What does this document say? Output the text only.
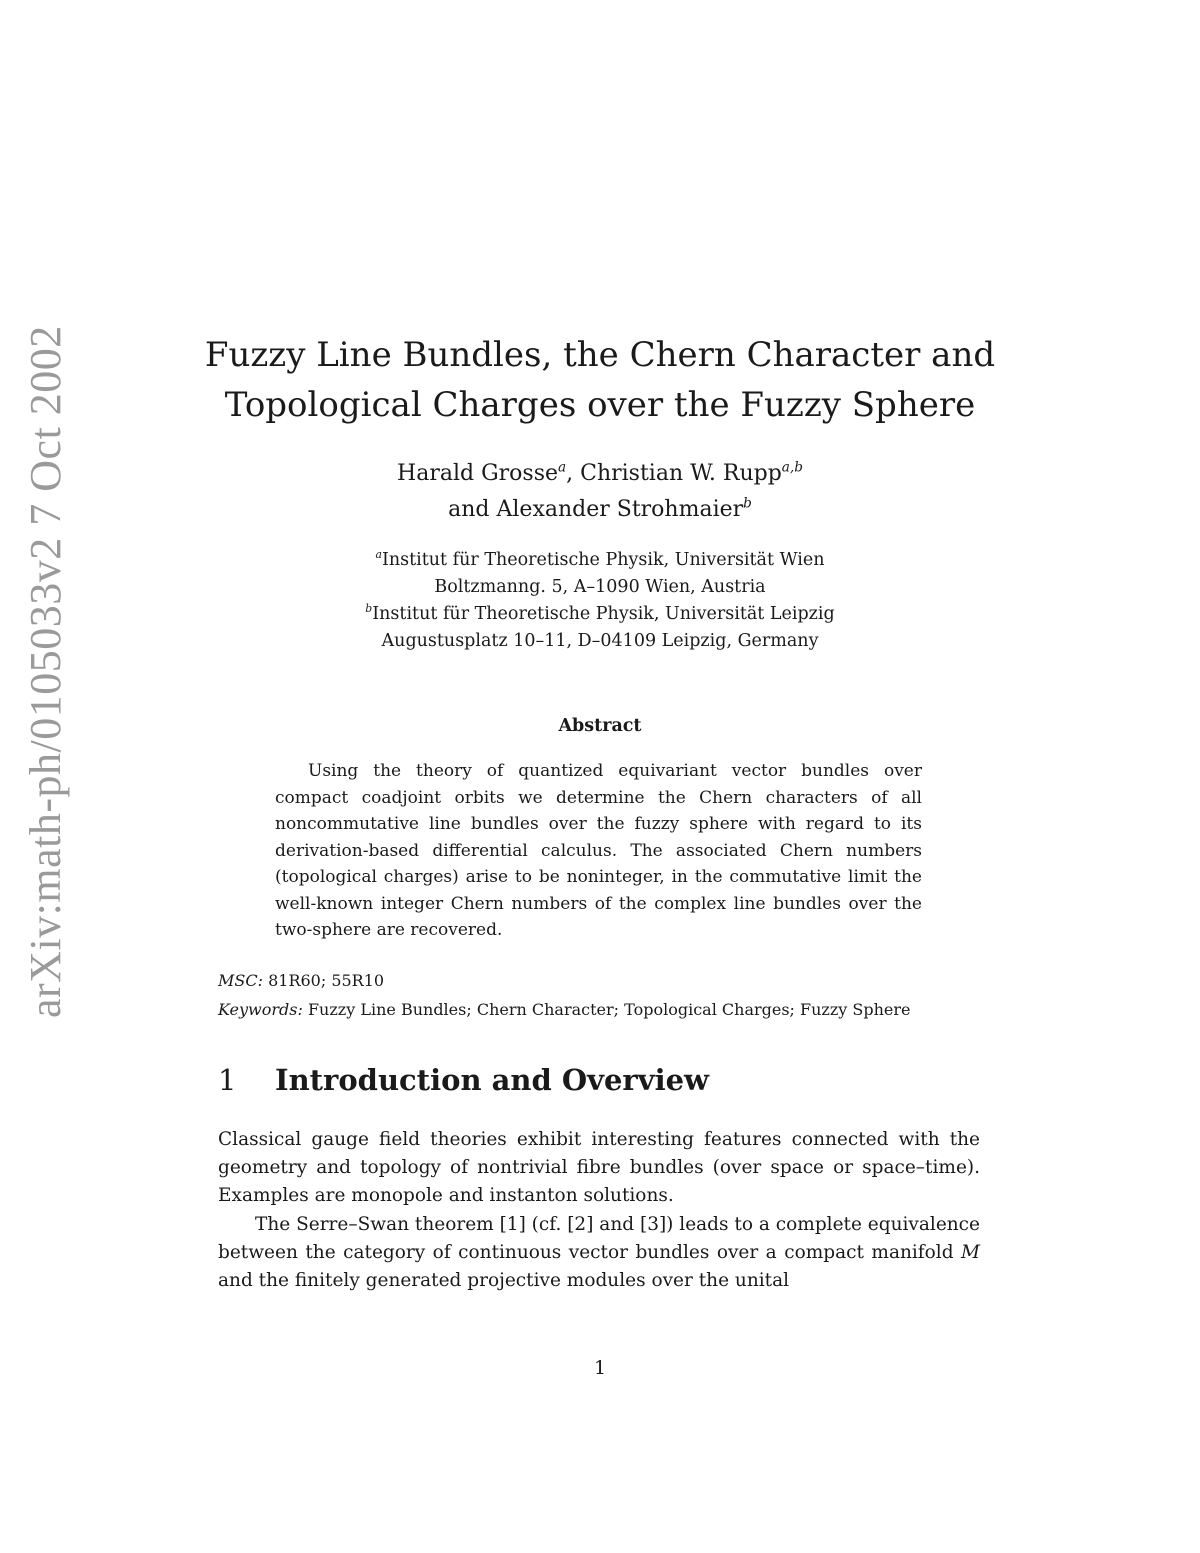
arXiv:math-ph/0105033v2 7 Oct 2002	Fuzzy Line Bundles, the Chern Character and
Topological Charges over the Fuzzy Sphere
Harald Grosse$^a$, Christian W. Rupp$^{a,b}$
and Alexander Strohmaier$^b$
$^a$Institut für Theoretische Physik, Universität Wien
Boltzmanng. 5, A–1090 Wien, Austria
$^b$Institut für Theoretische Physik, Universität Leipzig
Augustusplatz 10–11, D–04109 Leipzig, Germany
Abstract

Using the theory of quantized equivariant vector bundles over compact coadjoint orbits we determine the Chern characters of all noncommutative line bundles over the fuzzy sphere with regard to its derivation-based differential calculus. The associated Chern numbers (topological charges) arise to be noninteger, in the commutative limit the well-known integer Chern numbers of the complex line bundles over the two-sphere are recovered.

MSC: 81R60; 55R10
Keywords: Fuzzy Line Bundles; Chern Character; Topological Charges; Fuzzy Sphere
1 Introduction and Overview

Classical gauge field theories exhibit interesting features connected with the geometry and topology of nontrivial fibre bundles (over space or space–time). Examples are monopole and instanton solutions.

The Serre–Swan theorem [1] (cf. [2] and [3]) leads to a complete equivalence between the category of continuous vector bundles over a compact manifold M and the finitely generated projective modules over the unital

1
